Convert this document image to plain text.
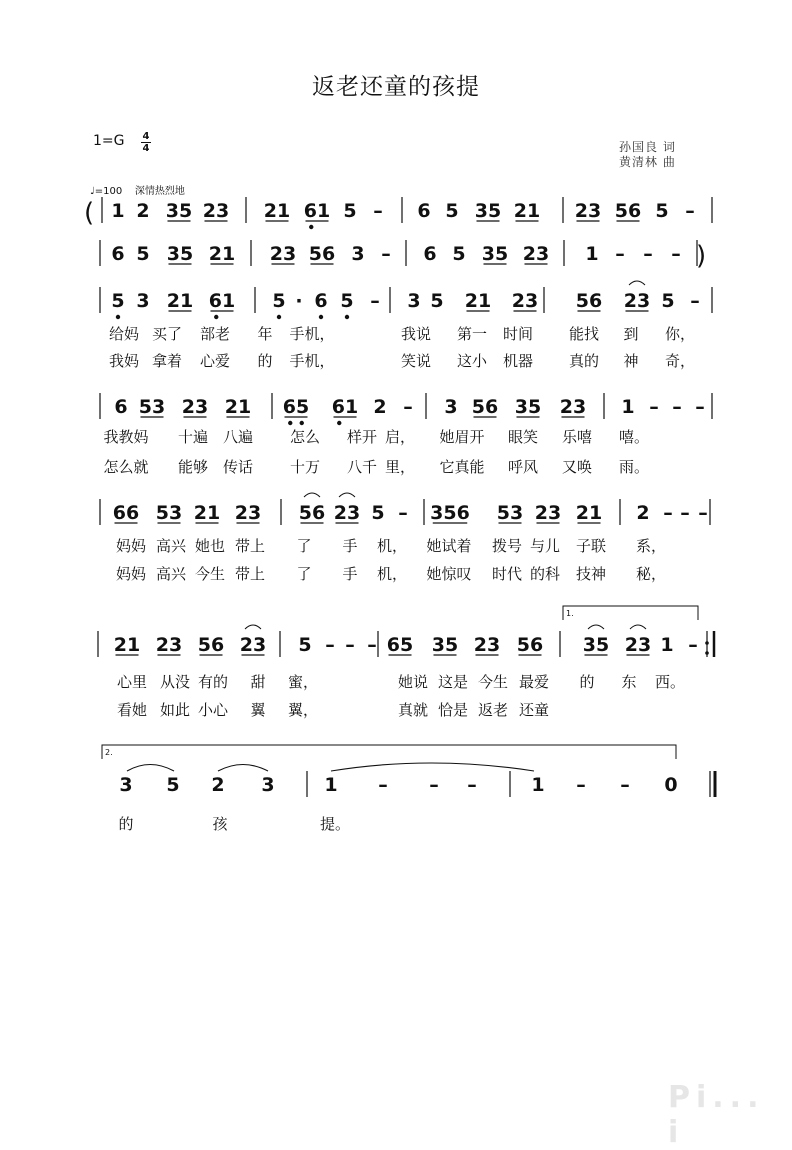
返老还童的孩提
1=G 4
4	孙国良 词
黄清林 曲
♩=100 深情热烈地
Pi... i
1 2 35 23 21 61 5 – 6 5 35 21 23 56 5 –
6 5 35 21 23 56 3 – 6 5 35 23 1 – – –
5 3 21 61 5 · 6 5 – 3 5 21 23 56 23 5 –
给妈 买了 部老 年 手机，	我说 第一 时间 能找 到 你，
我妈 拿着 心爱 的 手机，	笑说 这小 机器 真的 神 奇，
6 53 23 21 65 61 2 – 3 56 35 23 1 – – –
我教妈 十遍 八遍 怎么 样开 启， 她眉开 眼笑 乐嘻 嘻。
怎么就 能够 传话 十万 八千 里， 它真能 呼风 又唤 雨。
66 53 21 23 56 23 5 – 356 53 23 21 2 – – –
妈妈 高兴 她也 带上 了 手 机， 她试着 拨号 与儿 子联 系，
妈妈 高兴 今生 带上 了 手 机， 她惊叹 时代 的科 技神 秘，
21 23 56 23 5 – – – 65 35 23 56 35 23 1 –
心里 从没 有的 甜 蜜，	她说 这是 今生 最爱 的 东 西。
看她 如此 小心 翼 翼，	真就 恰是 返老 还童
3 5 2 3	1 – – –	1 – – 0
的	孩	提。
(
)
1.
2.
